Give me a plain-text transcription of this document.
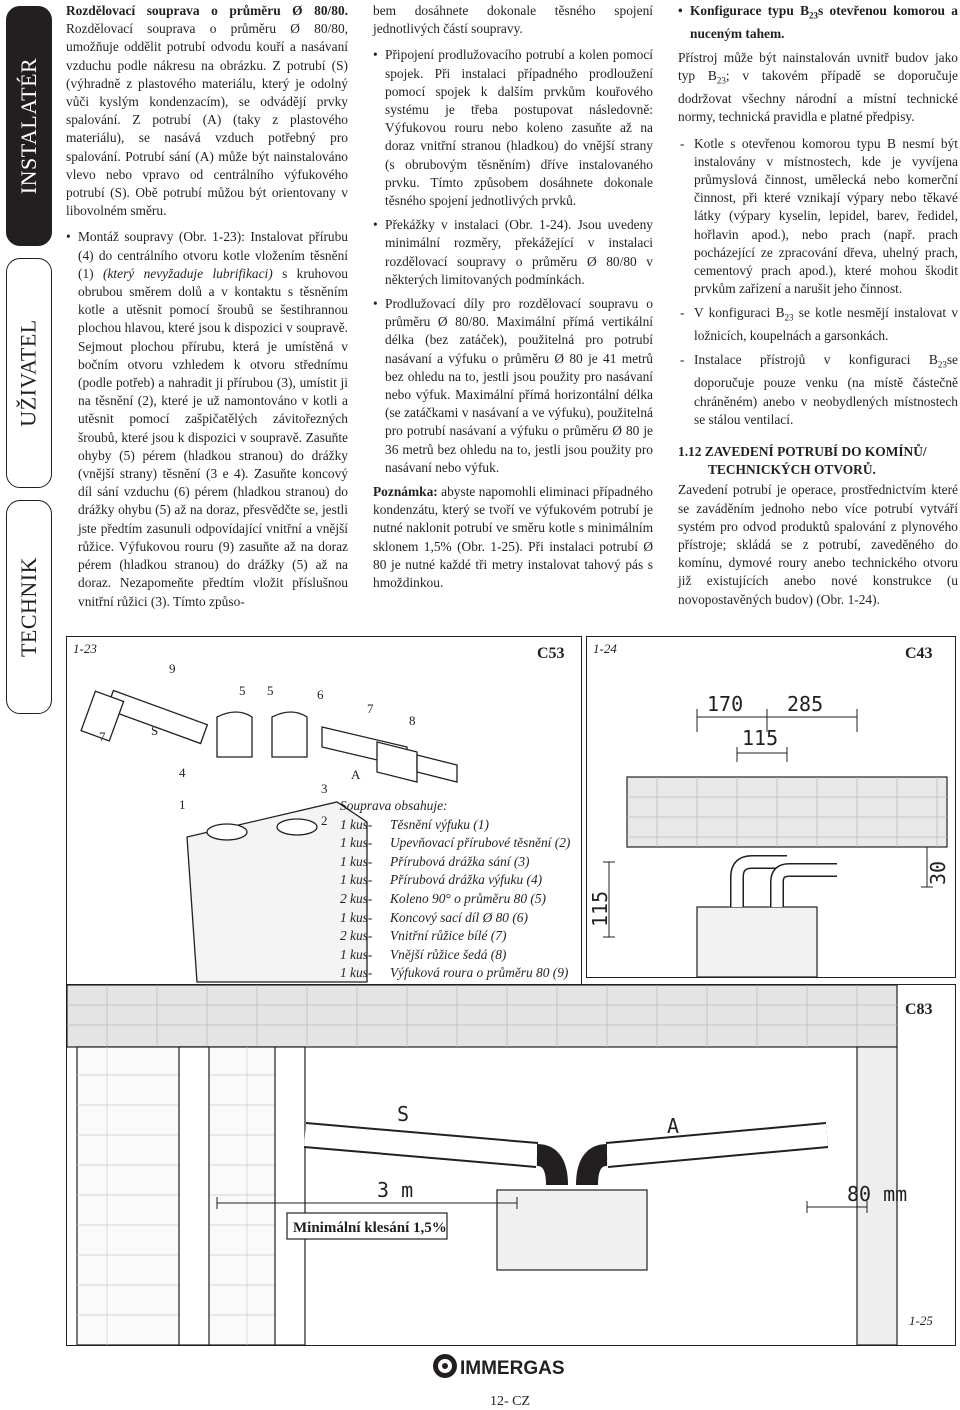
INSTALATÉR
UŽIVATEL
TECHNIK

Rozdělovací souprava o průměru Ø 80/80. Rozdělovací souprava o průměru Ø 80/80, umožňuje oddělit potrubí odvodu kouří a nasávaní vzduchu podle nákresu na obrázku. Z potrubí (S) (výhradně z plastového materiálu, který je odolný vůči kyslým kondenzacím), se odvádějí prvky spalování. Z potrubí (A) (taky z plastového materiálu), se nasává vzduch potřebný pro spalování. Potrubí sání (A) může být nainstalováno vlevo nebo vpravo od centrálního výfukového potrubí (S). Obě potrubí můžou být orientovany v libovolném směru.

• Montáž soupravy (Obr. 1-23): Instalovat přírubu (4) do centrálního otvoru kotle vložením těsnění (1) (který nevyžaduje lubrifikaci) s kruhovou obrubou směrem dolů a v kontaktu s těsněním kotle a utěsnit pomocí šroubů se šestihrannou plochou hlavou, které jsou k dispozici v soupravě. Sejmout plochou přírubu, která je umístěná v bočním otvoru vzhledem k otvoru střednímu (podle potřeb) a nahradit ji přírubou (3), umístit ji na těsnění (2), které je už namontováno v kotli a utěsnit pomocí zašpičatělých závitořezných šroubů, které jsou k dispozici v soupravě. Zasuňte ohyby (5) pérem (hladkou stranou) do drážky (vnější strany) těsnění (3 e 4). Zasuňte koncový díl sání vzduchu (6) pérem (hladkou stranou) do drážky ohybu (5) až na doraz, přesvědčte se, jestli jste předtím zasunuli odpovídající vnitřní a vnější růžice. Výfukovou rouru (9) zasuňte až na doraz pérem (hladkou stranou) do drážky (5) až na doraz. Nezapomeňte předtím vložit příslušnou vnitřní růžici (3). Tímto způso-

bem dosáhnete dokonale těsného spojení jednotlivých částí soupravy.

• Připojení prodlužovacího potrubí a kolen pomocí spojek. Při instalaci případného prodloužení pomocí spojek k dalším prvkům kouřového systému je třeba postupovat následovně: Výfukovou rouru nebo koleno zasuňte až na doraz vnitřní stranou (hladkou) do vnější strany (s obrubovým těsněním) dříve instalovaného prvku. Tímto způsobem dosáhnete dokonale těsného spojení jednotlivých prvků.
• Překážky v instalaci (Obr. 1-24). Jsou uvedeny minimální rozměry, překážející v instalaci rozdělovací soupravy o průměru Ø 80/80 v některých limitovaných podmínkách.
• Prodlužovací díly pro rozdělovací soupravu o průměru Ø 80/80. Maximální přímá vertikální délka (bez zatáček), použitelná pro potrubí nasávaní a výfuku o průměru Ø 80 je 41 metrů bez ohledu na to, jestli jsou použity pro nasávaní nebo výfuk. Maximální přímá horizontální délka (se zatáčkami v nasávaní a ve výfuku), použitelná pro potrubí nasávaní a výfuku o průměru Ø 80 je 36 metrů bez ohledu na to, jestli jsou použity pro nasávaní nebo výfuk.

Poznámka: abyste napomohli eliminaci případného kondenzátu, který se tvoří ve výfukovém potrubí je nutné naklonit potrubí ve směru kotle s minimálním sklonem 1,5% (Obr. 1-25). Při instalaci potrubí Ø 80 je nutné každé tři metry instalovat tahový pás s hmoždinkou.

• Konfigurace typu $B_{23}s$ otevřenou komorou a nuceným tahem.

Přístroj může být nainstalován uvnitř budov jako typ $B_{23}$; v takovém případě se doporučuje dodržovat všechny národní a místní technické normy, technická pravidla e platné předpisy.

- Kotle s otevřenou komorou typu B nesmí být instalovány v místnostech, kde je vyvíjena průmyslová činnost, umělecká nebo komerční činnost, při které vznikají výpary nebo těkavé látky (výpary kyselin, lepidel, barev, ředidel, hořlavin apod.), nebo prach (např. prach pocházející ze zpracování dřeva, uhelný prach, cementový prach apod.), které mohou škodit prvkům zařízení a narušit jeho činnost.
- V konfiguraci $B_{23}$ se kotle nesmějí instalovat v ložnicích, koupelnách a garsonkách.
- Instalace přístrojů v konfiguraci $B_{23}se$ doporučuje pouze venku (na místě částečně chráněném) anebo v neobydlených místnostech se stálou ventilací.
1.12 ZAVEDENÍ POTRUBÍ DO KOMÍNŮ/
TECHNICKÝCH OTVORŮ.

Zavedení potrubí je operace, prostřednictvím které se zaváděním jednoho nebo více potrubí vytváří systém pro odvod produktů spalování z plynového přístroje; skládá se z potrubí, zaveděného do komínu, dymové roury anebo technického otvoru již existujících anebo nové konstrukce (u novopostavěných budov) (Obr. 1-24).

1-23	C53
9
7	S
5 5	6
7
8
4
1
3
2
A
Souprava obsahuje:
1 kus-	Těsnění výfuku (1)
1 kus-	Upevňovací přírubové těsnění (2)
1 kus-	Přírubová drážka sání (3)
1 kus-	Přírubová drážka výfuku (4)
2 kus-	Koleno 90° o průměru 80 (5)
1 kus-	Koncový sací díl Ø 80 (6)
2 kus-	Vnitřní růžice bílé (7)
1 kus-	Vnější růžice šedá (8)
1 kus-	Výfuková roura o průměru 80 (9)
1-24	C43
170 285
115
115
30
C83
1-25
S	A
3 m	80 mm
Minimální klesání 1,5%
IMMERGAS
12- CZ
